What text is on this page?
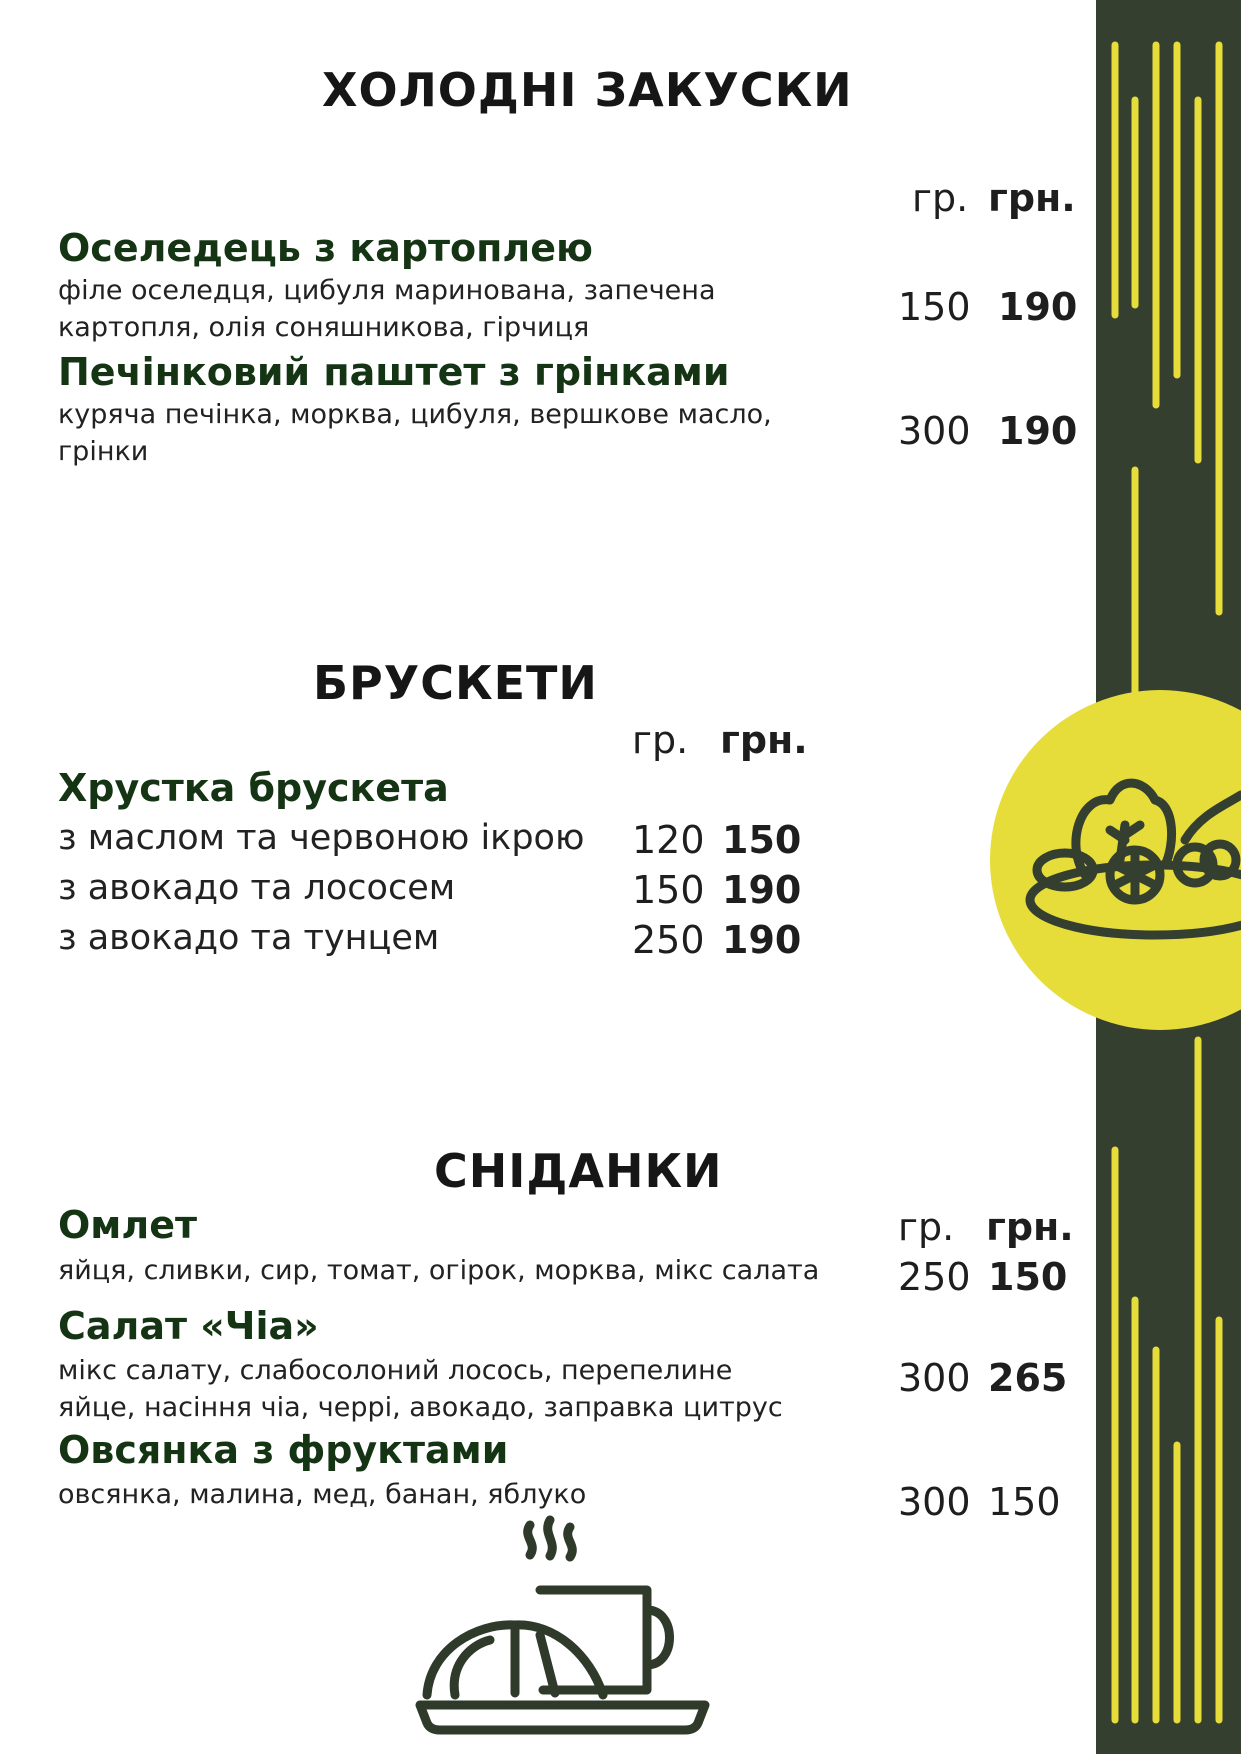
ХОЛОДНІ ЗАКУСКИ
гр. грн.
Оселедець з картоплею
філе оселедця, цибуля маринована, запечена
картопля, олія соняшникова, гірчиця	150 190
Печінковий паштет з грінками
куряча печінка, морква, цибуля, вершкове масло,
грінки	300 190
БРУСКЕТИ
гр. грн.
Хрустка брускета
з маслом та червоною ікрою 120 150
з авокадо та лососем	150 190
з авокадо та тунцем	250 190
СНІДАНКИ
гр. грн.
Омлет
яйця, сливки, сир, томат, огірок, морква, мікс салата	250 150
Салат «Чіа»
мікс салату, слабосолоний лосось, перепелине
яйце, насіння чіа, черрі, авокадо, заправка цитрус
300 265
Овсянка з фруктами
овсянка, малина, мед, банан, яблуко	300 150
